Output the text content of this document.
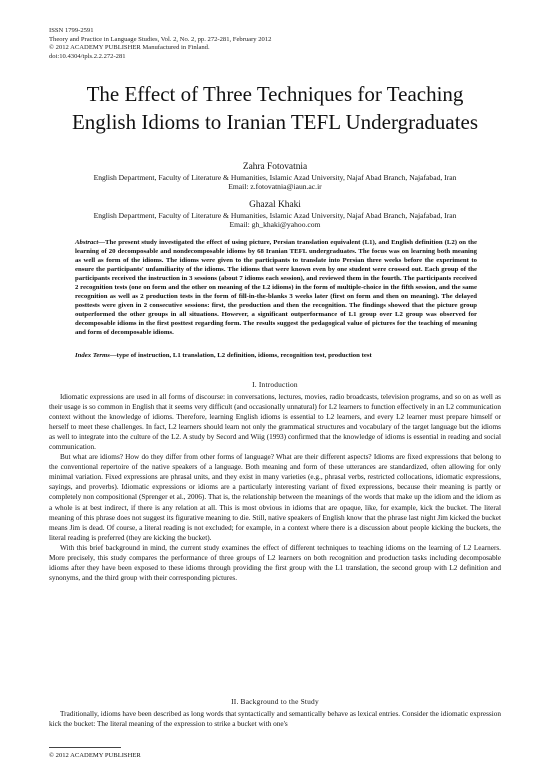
ISSN 1799-2591
Theory and Practice in Language Studies, Vol. 2, No. 2, pp. 272-281, February 2012
© 2012 ACADEMY PUBLISHER Manufactured in Finland.
doi:10.4304/tpls.2.2.272-281
The Effect of Three Techniques for Teaching
English Idioms to Iranian TEFL Undergraduates
Zahra Fotovatnia
English Department, Faculty of Literature & Humanities, Islamic Azad University, Najaf Abad Branch, Najafabad, Iran
Email: z.fotovatnia@iaun.ac.ir
Ghazal Khaki
English Department, Faculty of Literature & Humanities, Islamic Azad University, Najaf Abad Branch, Najafabad, Iran
Email: gh_khaki@yahoo.com
Abstract—The present study investigated the effect of using picture, Persian translation equivalent (L1), and English definition (L2) on the learning of 20 decomposable and nondecomposable idioms by 68 Iranian TEFL undergraduates. The focus was on learning both meaning as well as form of the idioms. The idioms were given to the participants to translate into Persian three weeks before the experiment to ensure the participants' unfamiliarity of the idioms. The idioms that were known even by one student were crossed out. Each group of the participants received the instruction in 3 sessions (about 7 idioms each session), and reviewed them in the fourth. The participants received 2 recognition tests (one on form and the other on meaning of the L2 idioms) in the form of multiple-choice in the fifth session, and the same recognition as well as 2 production tests in the form of fill-in-the-blanks 3 weeks later (first on form and then on meaning). The delayed posttests were given in 2 consecutive sessions: first, the production and then the recognition. The findings showed that the picture group outperformed the other groups in all situations. However, a significant outperformance of L1 group over L2 group was observed for decomposable idioms in the first posttest regarding form. The results suggest the pedagogical value of pictures for the teaching of meaning and form of decomposable idioms.
Index Terms—type of instruction, L1 translation, L2 definition, idioms, recognition test, production test
I. Introduction

Idiomatic expressions are used in all forms of discourse: in conversations, lectures, movies, radio broadcasts, television programs, and so on as well as their usage is so common in English that it seems very difficult (and occasionally unnatural) for L2 learners to function effectively in an L2 communication context without the knowledge of idioms. Therefore, learning English idioms is essential to L2 learners, and every L2 learner must prepare himself or herself to meet these challenges. In fact, L2 learners should learn not only the grammatical structures and vocabulary of the target language but the idioms as well to integrate into the culture of the L2. A study by Secord and Wiig (1993) confirmed that the knowledge of idioms is essential in reading and social communication.

But what are idioms? How do they differ from other forms of language? What are their different aspects? Idioms are fixed expressions that belong to the conventional repertoire of the native speakers of a language. Both meaning and form of these utterances are standardized, often allowing for only minimal variation. Fixed expressions are phrasal units, and they exist in many varieties (e.g., phrasal verbs, restricted collocations, idiomatic expressions, sayings, and proverbs). Idiomatic expressions or idioms are a particularly interesting variant of fixed expressions, because their meaning is partly or completely non compositional (Sprenger et al., 2006). That is, the relationship between the meanings of the words that make up the idiom and the idiom as a whole is at best indirect, if there is any relation at all. This is most obvious in idioms that are opaque, like, for example, kick the bucket. The literal meaning of this phrase does not suggest its figurative meaning to die. Still, native speakers of English know that the phrase last night Jim kicked the bucket means Jim is dead. Of course, a literal reading is not excluded; for example, in a context where there is a discussion about people kicking the buckets, the literal reading is preferred (they are kicking the bucket).

With this brief background in mind, the current study examines the effect of different techniques to teaching idioms on the learning of L2 Learners. More precisely, this study compares the performance of three groups of L2 learners on both recognition and production tasks including decomposable idioms after they have been exposed to these idioms through providing the first group with the L1 translation, the second group with L2 definition and synonyms, and the third group with their corresponding pictures.

II. Background to the Study

Traditionally, idioms have been described as long words that syntactically and semantically behave as lexical entries. Consider the idiomatic expression kick the bucket: The literal meaning of the expression to strike a bucket with one's

© 2012 ACADEMY PUBLISHER
